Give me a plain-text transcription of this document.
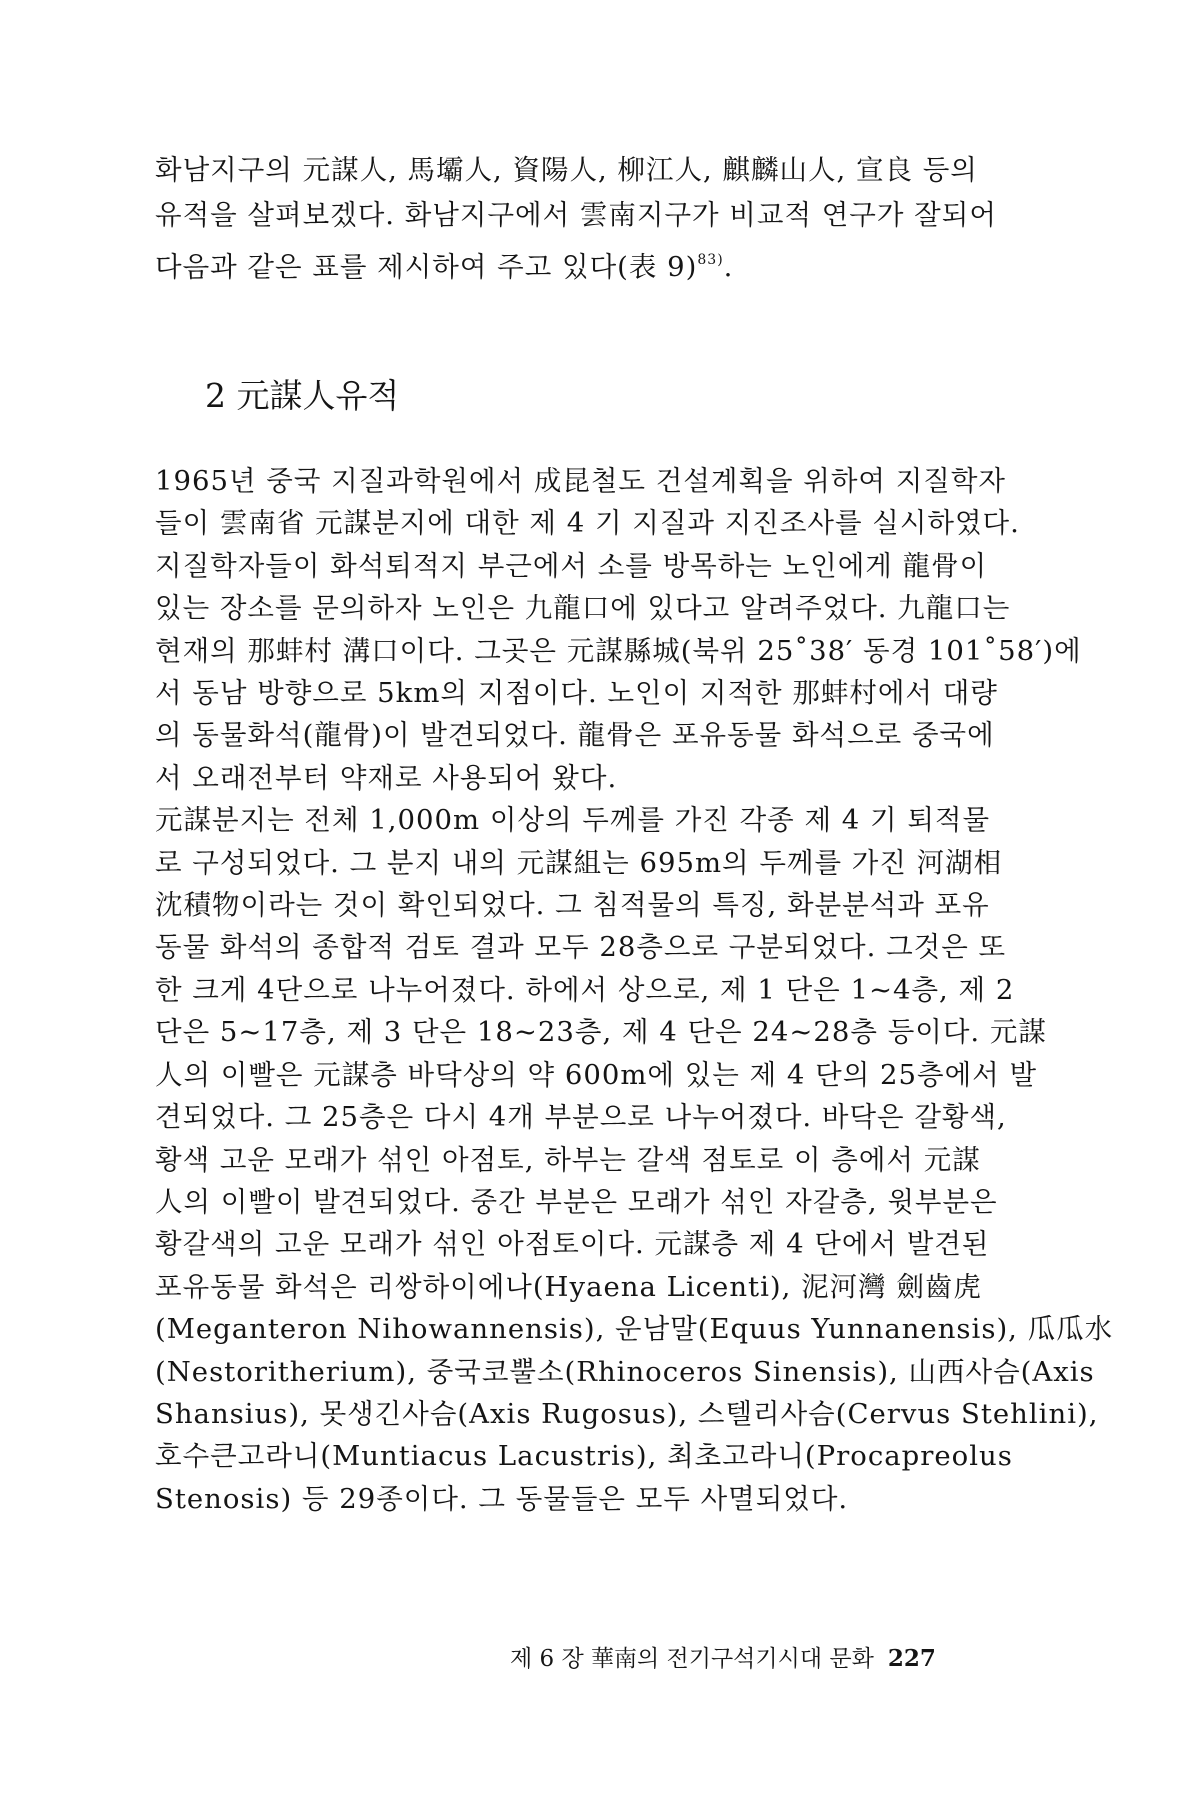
화남지구의 元謀人, 馬壩人, 資陽人, 柳江人, 麒麟山人, 宣良 등의
유적을 살펴보겠다. 화남지구에서 雲南지구가 비교적 연구가 잘되어
다음과 같은 표를 제시하여 주고 있다(表 9)$^{83)}$.

2 元謀人유적

1965년 중국 지질과학원에서 成昆철도 건설계획을 위하여 지질학자
들이 雲南省 元謀분지에 대한 제 4 기 지질과 지진조사를 실시하였다.
지질학자들이 화석퇴적지 부근에서 소를 방목하는 노인에게 龍骨이
있는 장소를 문의하자 노인은 九龍口에 있다고 알려주었다. 九龍口는
현재의 那蚌村 溝口이다. 그곳은 元謀縣城(북위 25˚38′ 동경 101˚58′)에
서 동남 방향으로 5km의 지점이다. 노인이 지적한 那蚌村에서 대량
의 동물화석(龍骨)이 발견되었다. 龍骨은 포유동물 화석으로 중국에
서 오래전부터 약재로 사용되어 왔다.
元謀분지는 전체 1,000m 이상의 두께를 가진 각종 제 4 기 퇴적물
로 구성되었다. 그 분지 내의 元謀組는 695m의 두께를 가진 河湖相
沈積物이라는 것이 확인되었다. 그 침적물의 특징, 화분분석과 포유
동물 화석의 종합적 검토 결과 모두 28층으로 구분되었다. 그것은 또
한 크게 4단으로 나누어졌다. 하에서 상으로, 제 1 단은 1~4층, 제 2
단은 5~17층, 제 3 단은 18~23층, 제 4 단은 24~28층 등이다. 元謀
人의 이빨은 元謀층 바닥상의 약 600m에 있는 제 4 단의 25층에서 발
견되었다. 그 25층은 다시 4개 부분으로 나누어졌다. 바닥은 갈황색,
황색 고운 모래가 섞인 아점토, 하부는 갈색 점토로 이 층에서 元謀
人의 이빨이 발견되었다. 중간 부분은 모래가 섞인 자갈층, 윗부분은
황갈색의 고운 모래가 섞인 아점토이다. 元謀층 제 4 단에서 발견된
포유동물 화석은 리쌍하이에나(Hyaena Licenti), 泥河灣 劍齒虎
(Meganteron Nihowannensis), 운남말(Equus Yunnanensis), 瓜瓜水
(Nestoritherium), 중국코뿔소(Rhinoceros Sinensis), 山西사슴(Axis
Shansius), 못생긴사슴(Axis Rugosus), 스텔리사슴(Cervus Stehlini),
호수큰고라니(Muntiacus Lacustris), 최초고라니(Procapreolus
Stenosis) 등 29종이다. 그 동물들은 모두 사멸되었다.

제 6 장 華南의 전기구석기시대 문화 227
